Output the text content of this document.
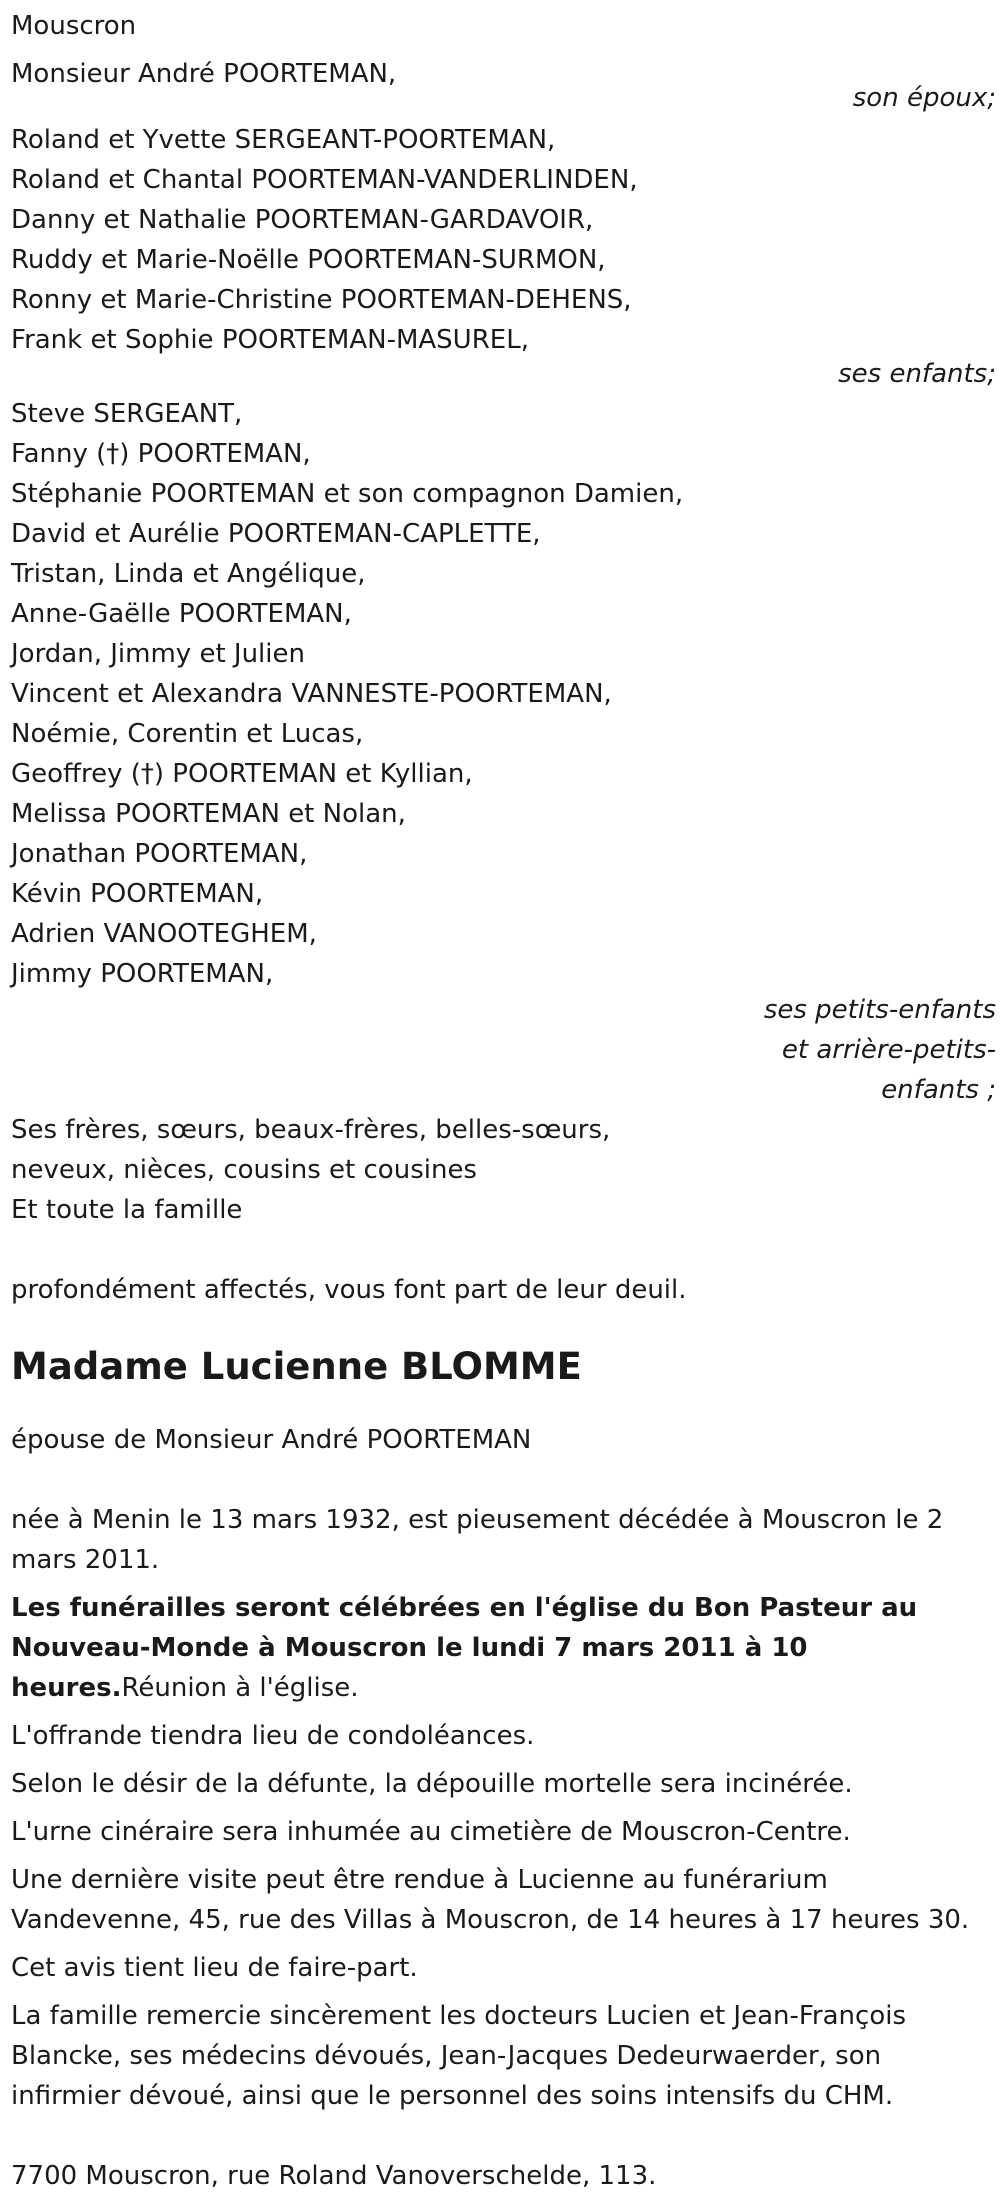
Mouscron
Monsieur André POORTEMAN,
son époux;
Roland et Yvette SERGEANT-POORTEMAN,
Roland et Chantal POORTEMAN-VANDERLINDEN,
Danny et Nathalie POORTEMAN-GARDAVOIR,
Ruddy et Marie-Noëlle POORTEMAN-SURMON,
Ronny et Marie-Christine POORTEMAN-DEHENS,
Frank et Sophie POORTEMAN-MASUREL,
ses enfants;
Steve SERGEANT,
Fanny (†) POORTEMAN,
Stéphanie POORTEMAN et son compagnon Damien,
David et Aurélie POORTEMAN-CAPLETTE,
Tristan, Linda et Angélique,
Anne-Gaëlle POORTEMAN,
Jordan, Jimmy et Julien
Vincent et Alexandra VANNESTE-POORTEMAN,
Noémie, Corentin et Lucas,
Geoffrey (†) POORTEMAN et Kyllian,
Melissa POORTEMAN et Nolan,
Jonathan POORTEMAN,
Kévin POORTEMAN,
Adrien VANOOTEGHEM,
Jimmy POORTEMAN,
ses petits-enfants
et arrière-petits-
enfants ;
Ses frères, sœurs, beaux-frères, belles-sœurs,
neveux, nièces, cousins et cousines
Et toute la famille
profondément affectés, vous font part de leur deuil.
Madame Lucienne BLOMME
épouse de Monsieur André POORTEMAN
née à Menin le 13 mars 1932, est pieusement décédée à Mouscron le 2 mars 2011.

Les funérailles seront célébrées en l'église du Bon Pasteur au Nouveau-Monde à Mouscron le lundi 7 mars 2011 à 10 heures.Réunion à l'église.

L'offrande tiendra lieu de condoléances.
Selon le désir de la défunte, la dépouille mortelle sera incinérée.
L'urne cinéraire sera inhumée au cimetière de Mouscron-Centre.
Une dernière visite peut être rendue à Lucienne au funérarium Vandevenne, 45, rue des Villas à Mouscron, de 14 heures à 17 heures 30.
Cet avis tient lieu de faire-part.
La famille remercie sincèrement les docteurs Lucien et Jean-François Blancke, ses médecins dévoués, Jean-Jacques Dedeurwaerder, son infirmier dévoué, ainsi que le personnel des soins intensifs du CHM.
7700 Mouscron, rue Roland Vanoverschelde, 113.
